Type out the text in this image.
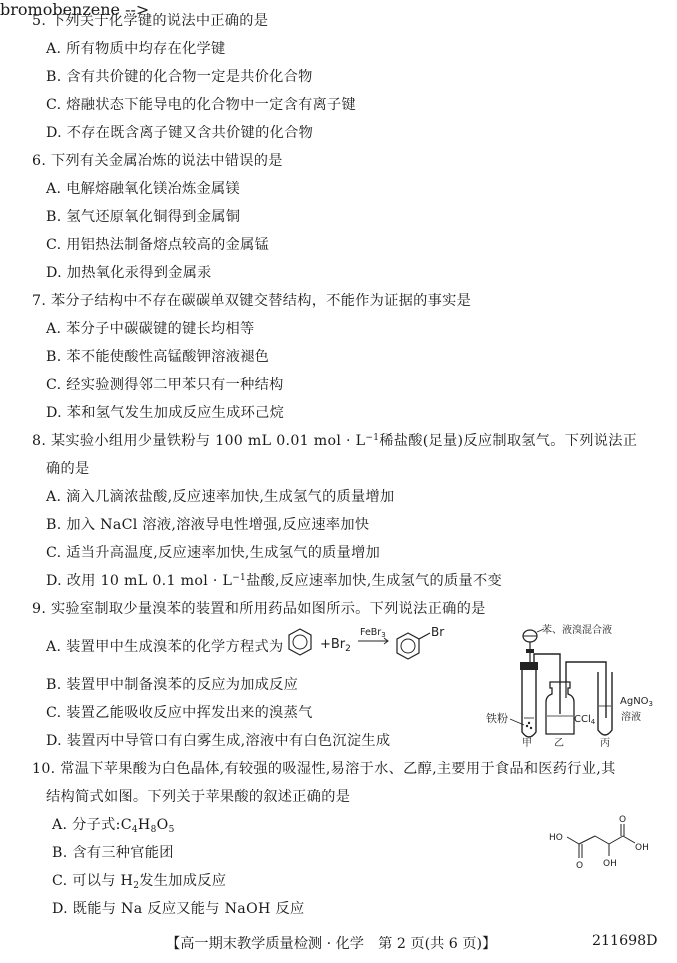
5. 下列关于化学键的说法中正确的是
A. 所有物质中均存在化学键
B. 含有共价键的化合物一定是共价化合物
C. 熔融状态下能导电的化合物中一定含有离子键
D. 不存在既含离子键又含共价键的化合物
6. 下列有关金属冶炼的说法中错误的是
A. 电解熔融氧化镁冶炼金属镁
B. 氢气还原氧化铜得到金属铜
C. 用铝热法制备熔点较高的金属锰
D. 加热氧化汞得到金属汞
7. 苯分子结构中不存在碳碳单双键交替结构，不能作为证据的事实是
A. 苯分子中碳碳键的键长均相等
B. 苯不能使酸性高锰酸钾溶液褪色
C. 经实验测得邻二甲苯只有一种结构
D. 苯和氢气发生加成反应生成环己烷
8. 某实验小组用少量铁粉与 100 mL 0.01 mol · $L^{-1}$稀盐酸(足量)反应制取氢气。下列说法正
确的是
A. 滴入几滴浓盐酸,反应速率加快,生成氢气的质量增加
B. 加入 NaCl 溶液,溶液导电性增强,反应速率加快
C. 适当升高温度,反应速率加快,生成氢气的质量增加
D. 改用 10 mL 0.1 mol · $L^{-1}$盐酸,反应速率加快,生成氢气的质量不变
9. 实验室制取少量溴苯的装置和所用药品如图所示。下列说法正确的是
A. 装置甲中生成溴苯的化学方程式为
bromobenzene -->
$+Br_2$
FeBr$_3$	Br
B. 装置甲中制备溴苯的反应为加成反应
C. 装置乙能吸收反应中挥发出来的溴蒸气
D. 装置丙中导管口有白雾生成,溶液中有白色沉淀生成
苯、液溴混合液
铁粉
甲
CCl$_4$
乙
AgNO$_3$
溶液
丙
10. 常温下苹果酸为白色晶体,有较强的吸湿性,易溶于水、乙醇,主要用于食品和医药行业,其
结构简式如图。下列关于苹果酸的叙述正确的是
A. 分子式$:C_4H_8O_5$
B. 含有三种官能团
C. 可以与 $H_2$发生加成反应
D. 既能与 Na 反应又能与 NaOH 反应
HO
O OH
O
OH
【高一期末教学质量检测 · 化学　第 2 页(共 6 页)】	211698D
